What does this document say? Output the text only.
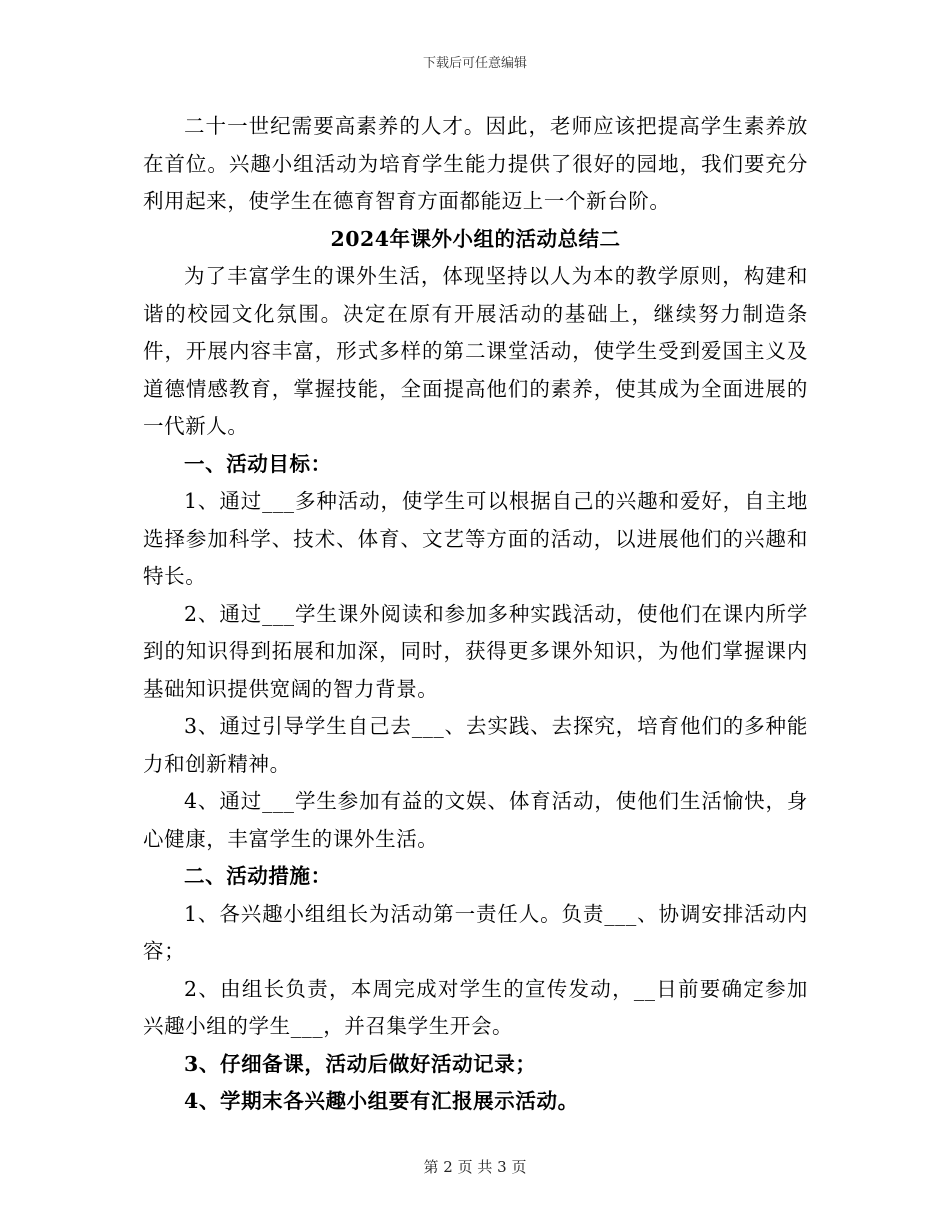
下载后可任意编辑

二十一世纪需要高素养的人才。因此，老师应该把提高学生素养放在首位。兴趣小组活动为培育学生能力提供了很好的园地，我们要充分利用起来，使学生在德育智育方面都能迈上一个新台阶。

2024年课外小组的活动总结二

为了丰富学生的课外生活，体现坚持以人为本的教学原则，构建和谐的校园文化氛围。决定在原有开展活动的基础上，继续努力制造条件，开展内容丰富，形式多样的第二课堂活动，使学生受到爱国主义及道德情感教育，掌握技能，全面提高他们的素养，使其成为全面进展的一代新人。

一、活动目标：

1、通过___多种活动，使学生可以根据自己的兴趣和爱好，自主地选择参加科学、技术、体育、文艺等方面的活动，以进展他们的兴趣和特长。

2、通过___学生课外阅读和参加多种实践活动，使他们在课内所学到的知识得到拓展和加深，同时，获得更多课外知识，为他们掌握课内基础知识提供宽阔的智力背景。

3、通过引导学生自己去___、去实践、去探究，培育他们的多种能力和创新精神。

4、通过___学生参加有益的文娱、体育活动，使他们生活愉快，身心健康，丰富学生的课外生活。

二、活动措施：

1、各兴趣小组组长为活动第一责任人。负责___、协调安排活动内容；

2、由组长负责，本周完成对学生的宣传发动，__日前要确定参加兴趣小组的学生___，并召集学生开会。

3、仔细备课，活动后做好活动记录；

4、学期末各兴趣小组要有汇报展示活动。

第 2 页 共 3 页
